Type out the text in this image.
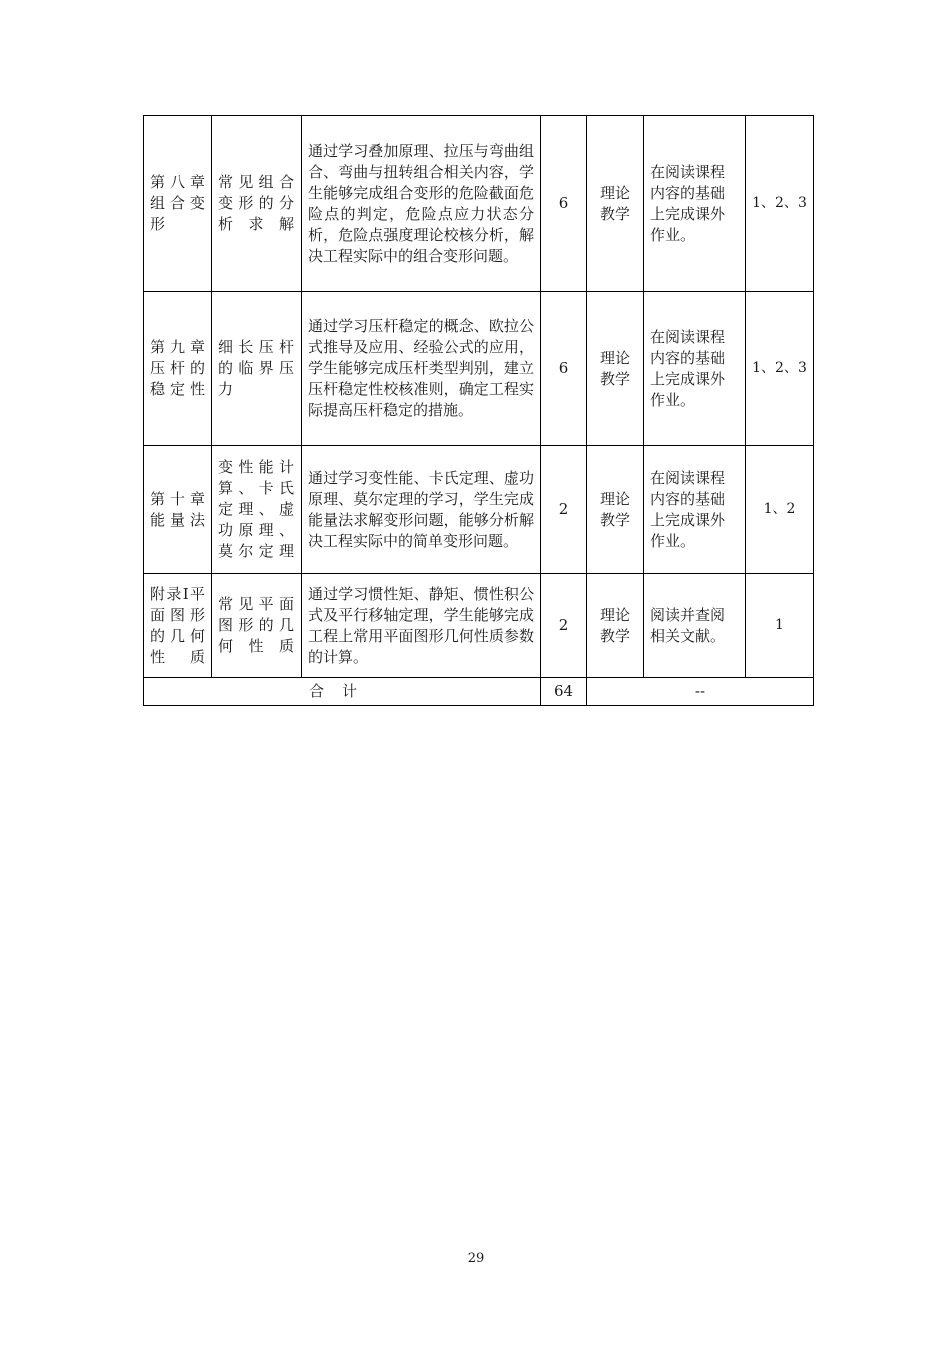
第八章组合变形	常见组合变形的分析求解	通过学习叠加原理、拉压与弯曲组合、弯曲与扭转组合相关内容，学生能够完成组合变形的危险截面危险点的判定，危险点应力状态分析，危险点强度理论校核分析，解决工程实际中的组合变形问题。	6	理论教学	在阅读课程内容的基础上完成课外作业。	1、2、3
第九章压杆的稳定性	细长压杆的临界压力	通过学习压杆稳定的概念、欧拉公式推导及应用、经验公式的应用，学生能够完成压杆类型判别，建立压杆稳定性校核准则，确定工程实际提高压杆稳定的措施。	6	理论教学	在阅读课程内容的基础上完成课外作业。	1、2、3
第十章能量法	变性能计算、卡氏定理、虚功原理、莫尔定理	通过学习变性能、卡氏定理、虚功原理、莫尔定理的学习，学生完成能量法求解变形问题，能够分析解决工程实际中的简单变形问题。	2	理论教学	在阅读课程内容的基础上完成课外作业。	1、2
附录I平面图形的几何性质	常见平面图形的几何性质	通过学习惯性矩、静矩、惯性积公式及平行移轴定理，学生能够完成工程上常用平面图形几何性质参数的计算。	2	理论教学	阅读并查阅相关文献。	1
合计			64	--		
29
